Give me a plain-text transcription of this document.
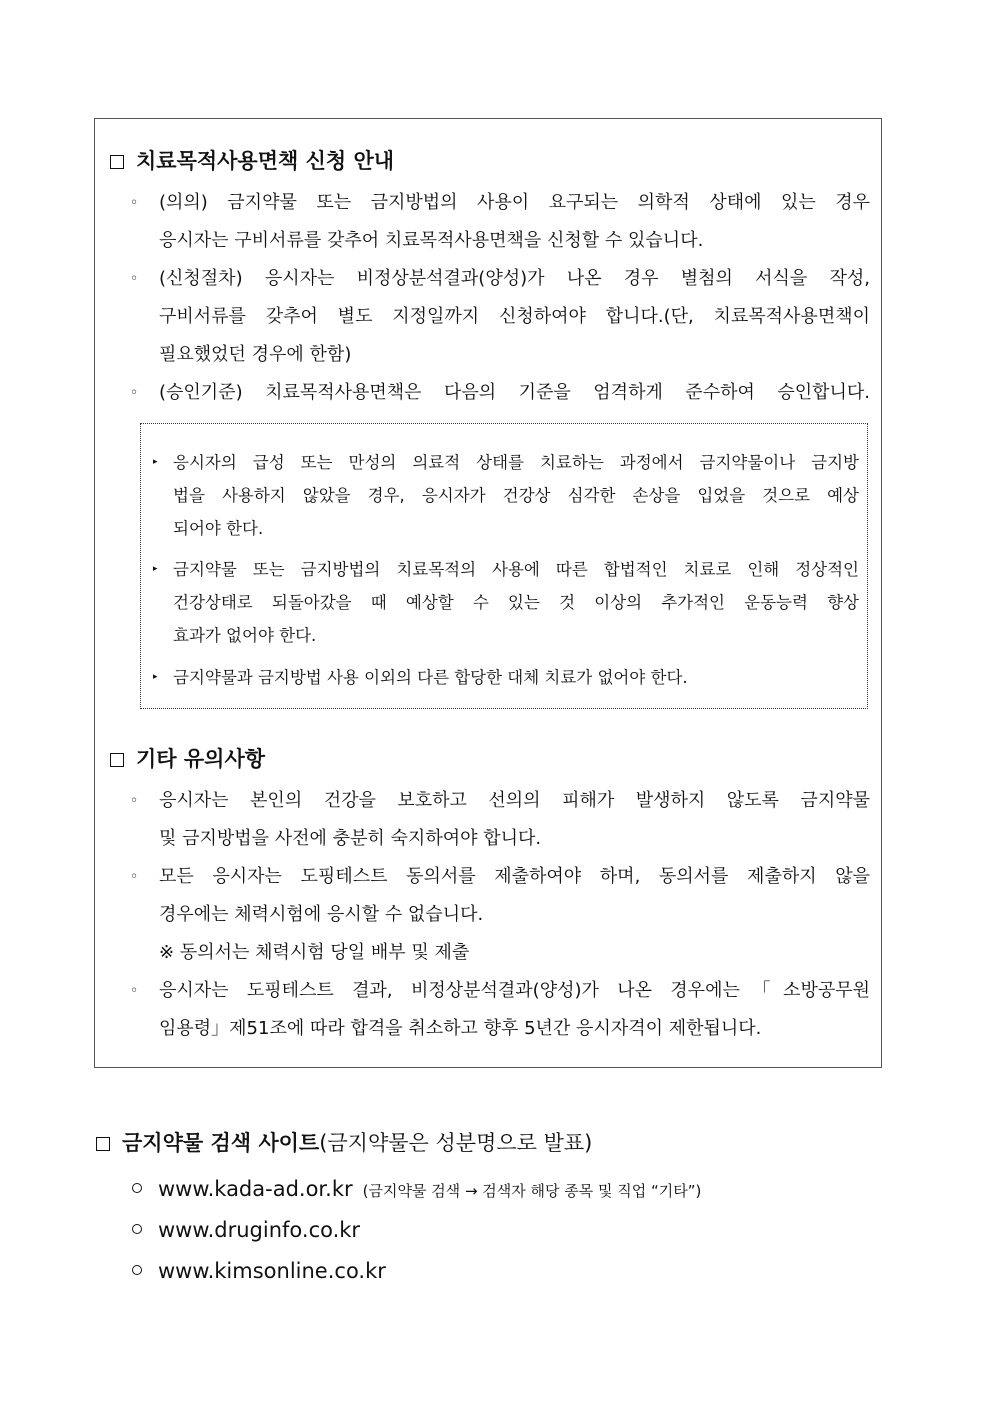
치료목적사용면책 신청 안내
◦ (의의) 금지약물 또는 금지방법의 사용이 요구되는 의학적 상태에 있는 경우
응시자는 구비서류를 갖추어 치료목적사용면책을 신청할 수 있습니다.
◦ (신청절차) 응시자는 비정상분석결과(양성)가 나온 경우 별첨의 서식을 작성,
구비서류를 갖추어 별도 지정일까지 신청하여야 합니다.(단, 치료목적사용면책이
필요했었던 경우에 한함)
◦ (승인기준) 치료목적사용면책은 다음의 기준을 엄격하게 준수하여 승인합니다.
▸ 응시자의 급성 또는 만성의 의료적 상태를 치료하는 과정에서 금지약물이나 금지방
법을 사용하지 않았을 경우, 응시자가 건강상 심각한 손상을 입었을 것으로 예상
되어야 한다.
▸ 금지약물 또는 금지방법의 치료목적의 사용에 따른 합법적인 치료로 인해 정상적인
건강상태로 되돌아갔을 때 예상할 수 있는 것 이상의 추가적인 운동능력 향상
효과가 없어야 한다.
▸ 금지약물과 금지방법 사용 이외의 다른 합당한 대체 치료가 없어야 한다.
기타 유의사항
◦ 응시자는 본인의 건강을 보호하고 선의의 피해가 발생하지 않도록 금지약물
및 금지방법을 사전에 충분히 숙지하여야 합니다.
◦ 모든 응시자는 도핑테스트 동의서를 제출하여야 하며, 동의서를 제출하지 않을
경우에는 체력시험에 응시할 수 없습니다.
※ 동의서는 체력시험 당일 배부 및 제출
◦ 응시자는 도핑테스트 결과, 비정상분석결과(양성)가 나온 경우에는「소방공무원
임용령」제51조에 따라 합격을 취소하고 향후 5년간 응시자격이 제한됩니다.
금지약물 검색 사이트(금지약물은 성분명으로 발표)
www.kada-ad.or.kr (금지약물 검색 → 검색자 해당 종목 및 직업 “기타”)
www.druginfo.co.kr
www.kimsonline.co.kr
